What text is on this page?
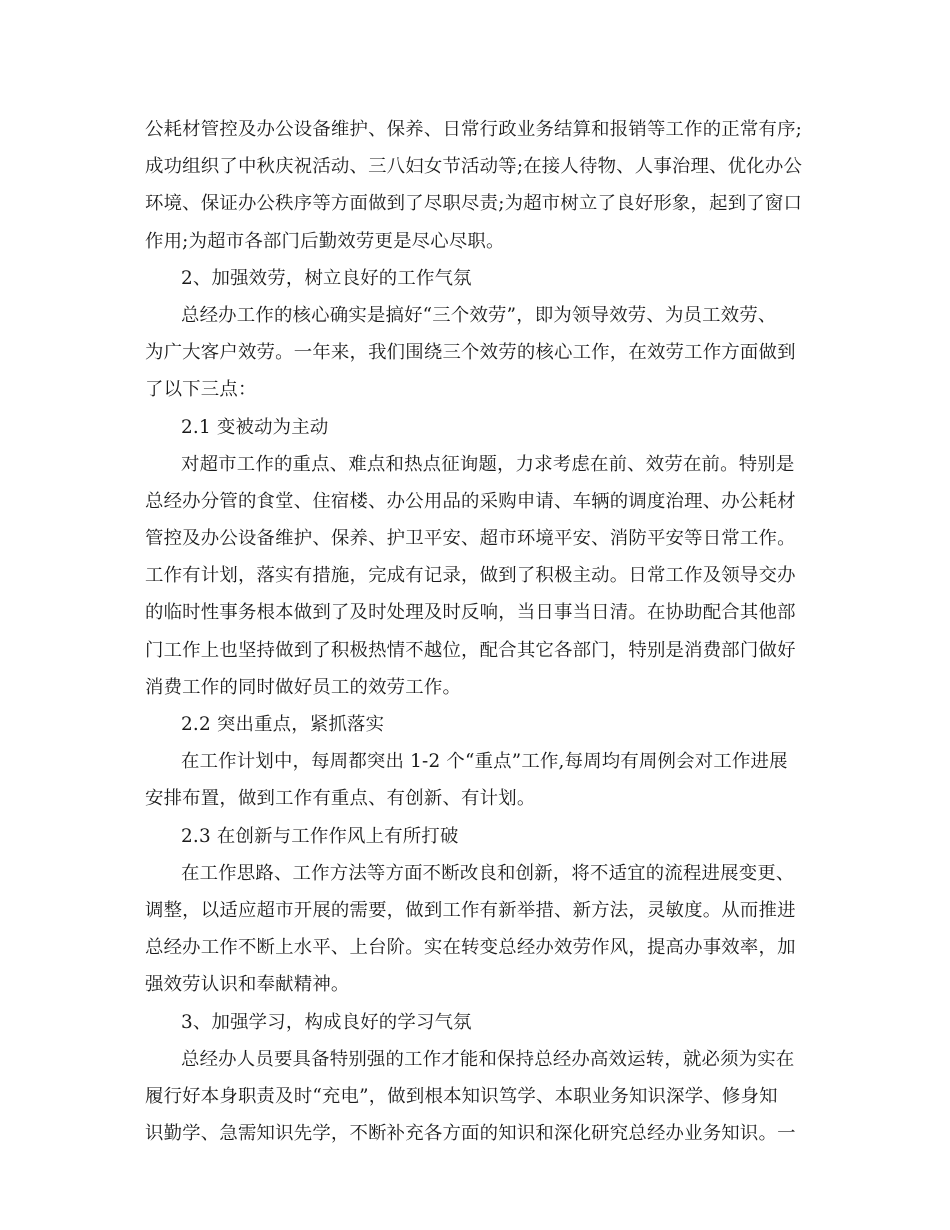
公耗材管控及办公设备维护、保养、日常行政业务结算和报销等工作的正常有序;
成功组织了中秋庆祝活动、三八妇女节活动等;在接人待物、人事治理、优化办公
环境、保证办公秩序等方面做到了尽职尽责;为超市树立了良好形象，起到了窗口
作用;为超市各部门后勤效劳更是尽心尽职。
2、加强效劳，树立良好的工作气氛
总经办工作的核心确实是搞好“三个效劳”，即为领导效劳、为员工效劳、
为广大客户效劳。一年来，我们围绕三个效劳的核心工作，在效劳工作方面做到
了以下三点：
2.1 变被动为主动
对超市工作的重点、难点和热点征询题，力求考虑在前、效劳在前。特别是
总经办分管的食堂、住宿楼、办公用品的采购申请、车辆的调度治理、办公耗材
管控及办公设备维护、保养、护卫平安、超市环境平安、消防平安等日常工作。
工作有计划，落实有措施，完成有记录，做到了积极主动。日常工作及领导交办
的临时性事务根本做到了及时处理及时反响，当日事当日清。在协助配合其他部
门工作上也坚持做到了积极热情不越位，配合其它各部门，特别是消费部门做好
消费工作的同时做好员工的效劳工作。
2.2 突出重点，紧抓落实
在工作计划中，每周都突出 1-2 个“重点”工作,每周均有周例会对工作进展
安排布置，做到工作有重点、有创新、有计划。
2.3 在创新与工作作风上有所打破
在工作思路、工作方法等方面不断改良和创新，将不适宜的流程进展变更、
调整，以适应超市开展的需要，做到工作有新举措、新方法，灵敏度。从而推进
总经办工作不断上水平、上台阶。实在转变总经办效劳作风，提高办事效率，加
强效劳认识和奉献精神。
3、加强学习，构成良好的学习气氛
总经办人员要具备特别强的工作才能和保持总经办高效运转，就必须为实在
履行好本身职责及时“充电”，做到根本知识笃学、本职业务知识深学、修身知
识勤学、急需知识先学，不断补充各方面的知识和深化研究总经办业务知识。一
